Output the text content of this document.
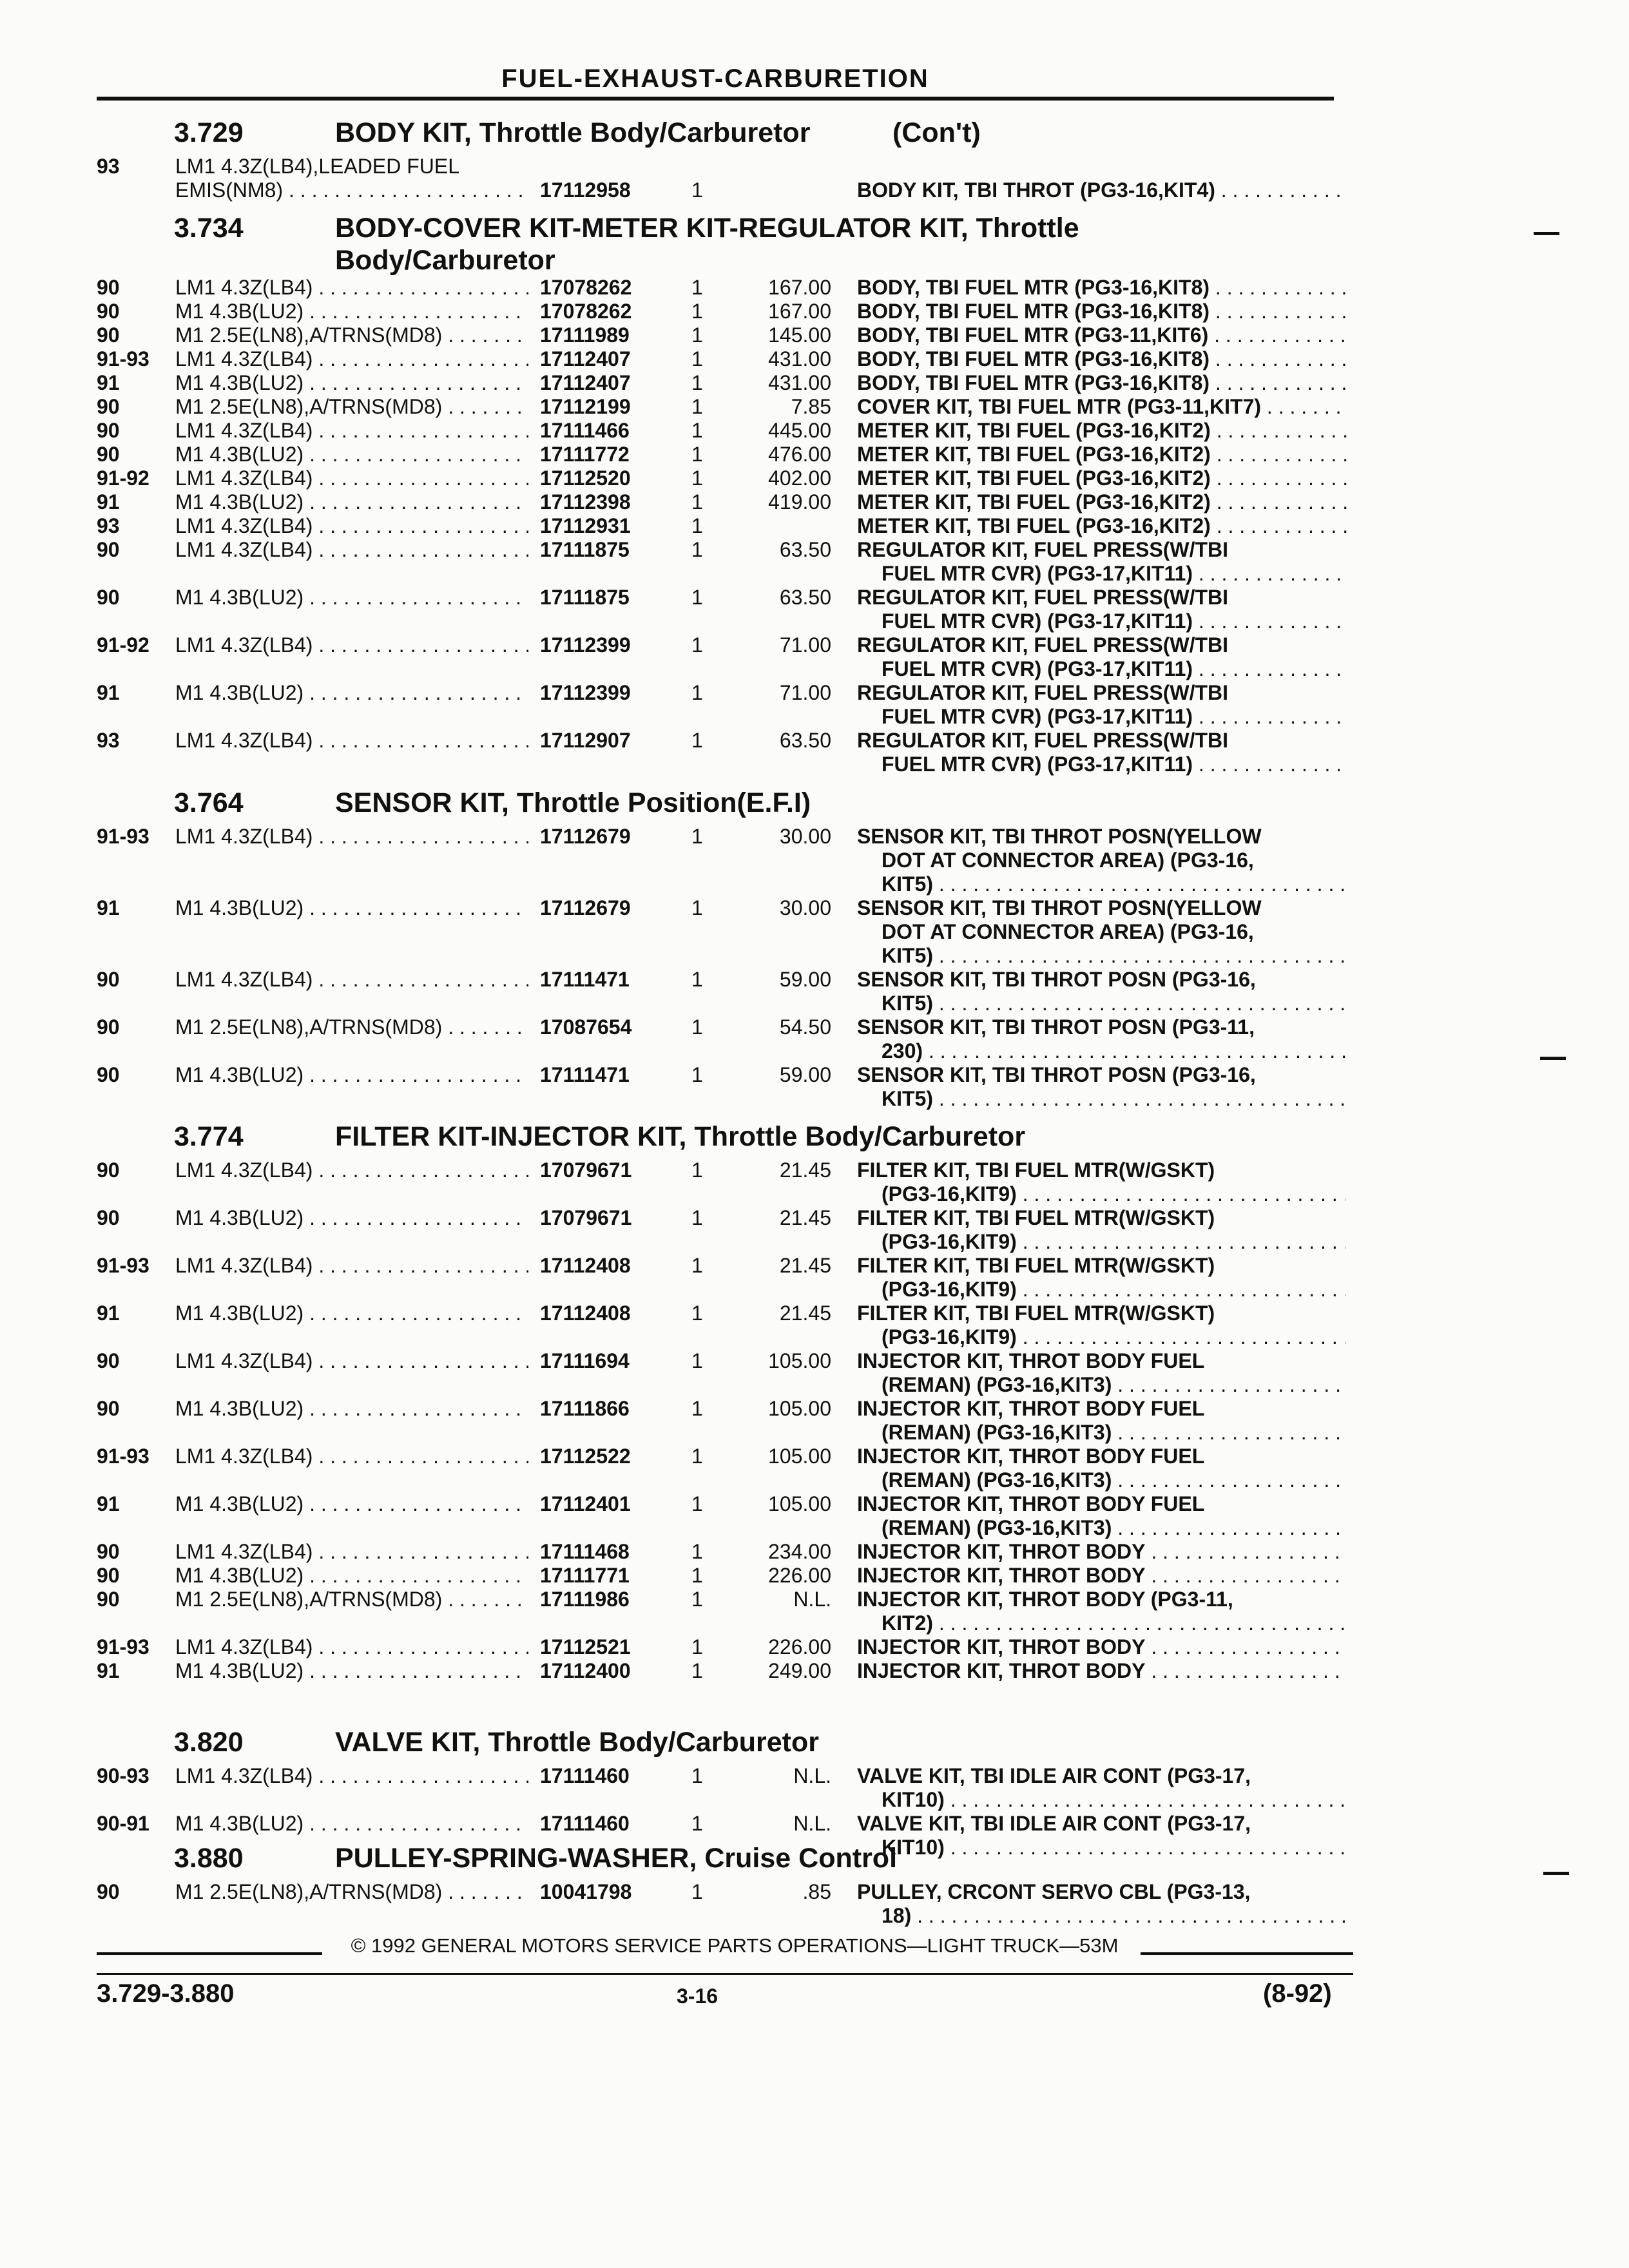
FUEL-EXHAUST-CARBURETION
3.729	BODY KIT, Throttle Body/Carburetor	(Con't)
93	LM1 4.3Z(LB4),LEADED FUEL
EMIS(NM8) . . .	17112958	1	BODY KIT, TBI THROT (PG3-16,KIT4) . . .
3.734	BODY-COVER KIT-METER KIT-REGULATOR KIT, Throttle
Body/Carburetor
90	LM1 4.3Z(LB4) . . .	17078262	1	167.00 BODY, TBI FUEL MTR (PG3-16,KIT8) . . .
90	M1 4.3B(LU2) . . .	17078262	1	167.00 BODY, TBI FUEL MTR (PG3-16,KIT8) . . .
90	M1 2.5E(LN8),A/TRNS(MD8) . . .	17111989	1	145.00 BODY, TBI FUEL MTR (PG3-11,KIT6) . . .
91-93 LM1 4.3Z(LB4) . . .	17112407	1	431.00 BODY, TBI FUEL MTR (PG3-16,KIT8) . . .
91	M1 4.3B(LU2) . . .	17112407	1	431.00 BODY, TBI FUEL MTR (PG3-16,KIT8) . . .
90	M1 2.5E(LN8),A/TRNS(MD8) . . .	17112199	1	7.85 COVER KIT, TBI FUEL MTR (PG3-11,KIT7) . . .
90	LM1 4.3Z(LB4) . . .	17111466	1	445.00 METER KIT, TBI FUEL (PG3-16,KIT2) . . .
90	M1 4.3B(LU2) . . .	17111772	1	476.00 METER KIT, TBI FUEL (PG3-16,KIT2) . . .
91-92 LM1 4.3Z(LB4) . . .	17112520	1	402.00 METER KIT, TBI FUEL (PG3-16,KIT2) . . .
91	M1 4.3B(LU2) . . .	17112398	1	419.00 METER KIT, TBI FUEL (PG3-16,KIT2) . . .
93	LM1 4.3Z(LB4) . . .	17112931	1	METER KIT, TBI FUEL (PG3-16,KIT2) . . .
90	LM1 4.3Z(LB4) . . .	17111875	1	63.50 REGULATOR KIT, FUEL PRESS(W/TBI
FUEL MTR CVR) (PG3-17,KIT11) . . .
90	M1 4.3B(LU2) . . .	17111875	1	63.50 REGULATOR KIT, FUEL PRESS(W/TBI
FUEL MTR CVR) (PG3-17,KIT11) . . .
91-92 LM1 4.3Z(LB4) . . .	17112399	1	71.00 REGULATOR KIT, FUEL PRESS(W/TBI
FUEL MTR CVR) (PG3-17,KIT11) . . .
91	M1 4.3B(LU2) . . .	17112399	1	71.00 REGULATOR KIT, FUEL PRESS(W/TBI
FUEL MTR CVR) (PG3-17,KIT11) . . .
93	LM1 4.3Z(LB4) . . .	17112907	1	63.50 REGULATOR KIT, FUEL PRESS(W/TBI
FUEL MTR CVR) (PG3-17,KIT11) . . .
3.764	SENSOR KIT, Throttle Position(E.F.I)
91-93 LM1 4.3Z(LB4) . . .	17112679	1	30.00 SENSOR KIT, TBI THROT POSN(YELLOW
DOT AT CONNECTOR AREA) (PG3-16,
KIT5) . . .
91	M1 4.3B(LU2) . . .	17112679	1	30.00 SENSOR KIT, TBI THROT POSN(YELLOW
DOT AT CONNECTOR AREA) (PG3-16,
KIT5) . . .
90	LM1 4.3Z(LB4) . . .	17111471	1	59.00 SENSOR KIT, TBI THROT POSN (PG3-16,
KIT5) . . .
90	M1 2.5E(LN8),A/TRNS(MD8) . . .	17087654	1	54.50 SENSOR KIT, TBI THROT POSN (PG3-11,
230) . . .
90	M1 4.3B(LU2) . . .	17111471	1	59.00 SENSOR KIT, TBI THROT POSN (PG3-16,
KIT5) . . .
3.774	FILTER KIT-INJECTOR KIT, Throttle Body/Carburetor
90	LM1 4.3Z(LB4) . . .	17079671	1	21.45 FILTER KIT, TBI FUEL MTR(W/GSKT)
(PG3-16,KIT9) . . .
90	M1 4.3B(LU2) . . .	17079671	1	21.45 FILTER KIT, TBI FUEL MTR(W/GSKT)
(PG3-16,KIT9) . . .
91-93 LM1 4.3Z(LB4) . . .	17112408	1	21.45 FILTER KIT, TBI FUEL MTR(W/GSKT)
(PG3-16,KIT9) . . .
91	M1 4.3B(LU2) . . .	17112408	1	21.45 FILTER KIT, TBI FUEL MTR(W/GSKT)
(PG3-16,KIT9) . . .
90	LM1 4.3Z(LB4) . . .	17111694	1	105.00 INJECTOR KIT, THROT BODY FUEL
(REMAN) (PG3-16,KIT3) . . .
90	M1 4.3B(LU2) . . .	17111866	1	105.00 INJECTOR KIT, THROT BODY FUEL
(REMAN) (PG3-16,KIT3) . . .
91-93 LM1 4.3Z(LB4) . . .	17112522	1	105.00 INJECTOR KIT, THROT BODY FUEL
(REMAN) (PG3-16,KIT3) . . .
91	M1 4.3B(LU2) . . .	17112401	1	105.00 INJECTOR KIT, THROT BODY FUEL
(REMAN) (PG3-16,KIT3) . . .
90	LM1 4.3Z(LB4) . . .	17111468	1	234.00 INJECTOR KIT, THROT BODY . . .
90	M1 4.3B(LU2) . . .	17111771	1	226.00 INJECTOR KIT, THROT BODY . . .
90	M1 2.5E(LN8),A/TRNS(MD8) . . .	17111986	1	N.L. INJECTOR KIT, THROT BODY (PG3-11,
KIT2) . . .
91-93 LM1 4.3Z(LB4) . . .	17112521	1	226.00 INJECTOR KIT, THROT BODY . . .
91	M1 4.3B(LU2) . . .	17112400	1	249.00 INJECTOR KIT, THROT BODY . . .
3.820	VALVE KIT, Throttle Body/Carburetor
90-93 LM1 4.3Z(LB4) . . .	17111460	1	N.L. VALVE KIT, TBI IDLE AIR CONT (PG3-17,
KIT10) . . .
90-91 M1 4.3B(LU2) . . .	17111460	1	N.L. VALVE KIT, TBI IDLE AIR CONT (PG3-17,
KIT10) . . .
3.880	PULLEY-SPRING-WASHER, Cruise Control
90	M1 2.5E(LN8),A/TRNS(MD8) . . .	10041798	1	.85 PULLEY, CRCONT SERVO CBL (PG3-13,
18) . . .
© 1992 GENERAL MOTORS SERVICE PARTS OPERATIONS—LIGHT TRUCK—53M
3.729-3.880	3-16	(8-92)
